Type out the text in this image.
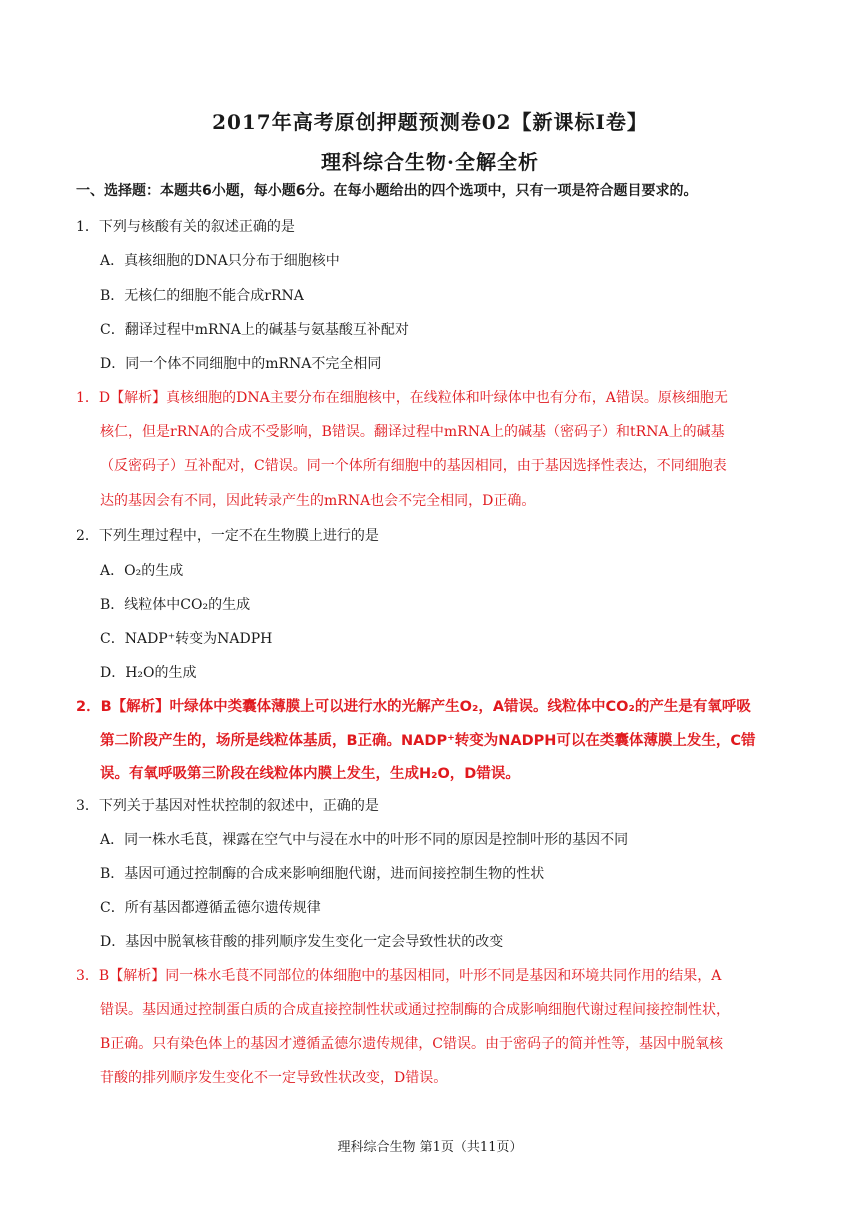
2017年高考原创押题预测卷02【新课标Ⅰ卷】
理科综合生物·全解全析
一、选择题：本题共6小题，每小题6分。在每小题给出的四个选项中，只有一项是符合题目要求的。
1．下列与核酸有关的叙述正确的是
A．真核细胞的DNA只分布于细胞核中
B．无核仁的细胞不能合成rRNA
C．翻译过程中mRNA上的碱基与氨基酸互补配对
D．同一个体不同细胞中的mRNA不完全相同
1．D【解析】真核细胞的DNA主要分布在细胞核中，在线粒体和叶绿体中也有分布，A错误。原核细胞无
核仁，但是rRNA的合成不受影响，B错误。翻译过程中mRNA上的碱基（密码子）和tRNA上的碱基
（反密码子）互补配对，C错误。同一个体所有细胞中的基因相同，由于基因选择性表达，不同细胞表
达的基因会有不同，因此转录产生的mRNA也会不完全相同，D正确。
2．下列生理过程中，一定不在生物膜上进行的是
A．O₂的生成
B．线粒体中CO₂的生成
C．NADP⁺转变为NADPH
D．H₂O的生成
2．B【解析】叶绿体中类囊体薄膜上可以进行水的光解产生O₂，A错误。线粒体中CO₂的产生是有氧呼吸
第二阶段产生的，场所是线粒体基质，B正确。NADP⁺转变为NADPH可以在类囊体薄膜上发生，C错
误。有氧呼吸第三阶段在线粒体内膜上发生，生成H₂O，D错误。
3．下列关于基因对性状控制的叙述中，正确的是
A．同一株水毛茛，裸露在空气中与浸在水中的叶形不同的原因是控制叶形的基因不同
B．基因可通过控制酶的合成来影响细胞代谢，进而间接控制生物的性状
C．所有基因都遵循孟德尔遗传规律
D．基因中脱氧核苷酸的排列顺序发生变化一定会导致性状的改变
3．B【解析】同一株水毛茛不同部位的体细胞中的基因相同，叶形不同是基因和环境共同作用的结果，A
错误。基因通过控制蛋白质的合成直接控制性状或通过控制酶的合成影响细胞代谢过程间接控制性状，
B正确。只有染色体上的基因才遵循孟德尔遗传规律，C错误。由于密码子的简并性等，基因中脱氧核
苷酸的排列顺序发生变化不一定导致性状改变，D错误。
理科综合生物 第1页（共11页）
